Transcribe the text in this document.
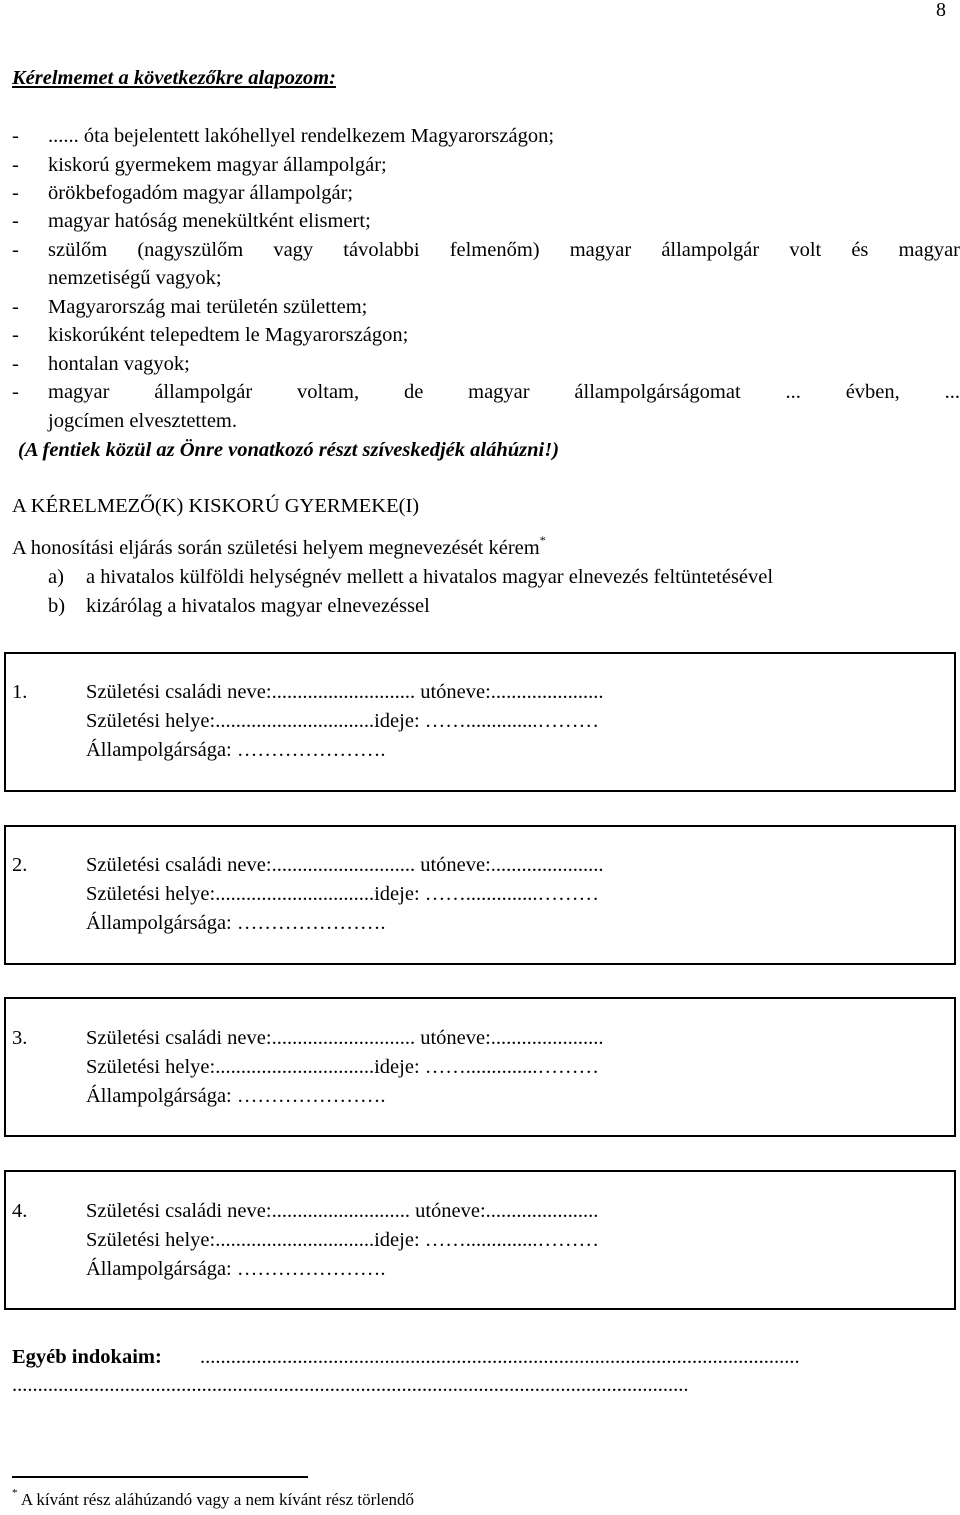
8
Kérelmemet a következőkre alapozom:
- ...... óta bejelentett lakóhellyel rendelkezem Magyarországon;
- kiskorú gyermekem magyar állampolgár;
- örökbefogadóm magyar állampolgár;
- magyar hatóság menekültként elismert;
- szülőm (nagyszülőm vagy távolabbi felmenőm) magyar állampolgár volt és magyar
nemzetiségű vagyok;
- Magyarország mai területén születtem;
- kiskorúként telepedtem le Magyarországon;
- hontalan vagyok;
- magyar állampolgár voltam, de magyar állampolgárságomat ... évben, ...
jogcímen elvesztettem.
(A fentiek közül az Önre vonatkozó részt szíveskedjék aláhúzni!)
A KÉRELMEZŐ(K) KISKORÚ GYERMEKE(I)
A honosítási eljárás során születési helyem megnevezését kérem*
a) a hivatalos külföldi helységnév mellett a hivatalos magyar elnevezés feltüntetésével
b) kizárólag a hivatalos magyar elnevezéssel
1.	Születési családi neve:............................ utóneve:......................
Születési helye:...............................ideje: ……..............………
Állampolgársága: ………………….
2.	Születési családi neve:............................ utóneve:......................
Születési helye:...............................ideje: ……..............………
Állampolgársága: ………………….
3.	Születési családi neve:............................ utóneve:......................
Születési helye:...............................ideje: ……..............………
Állampolgársága: ………………….
4.	Születési családi neve:........................... utóneve:......................
Születési helye:...............................ideje: ……..............………
Állampolgársága: ………………….
Egyéb indokaim: .....................................................................................................................
....................................................................................................................................
* A kívánt rész aláhúzandó vagy a nem kívánt rész törlendő
